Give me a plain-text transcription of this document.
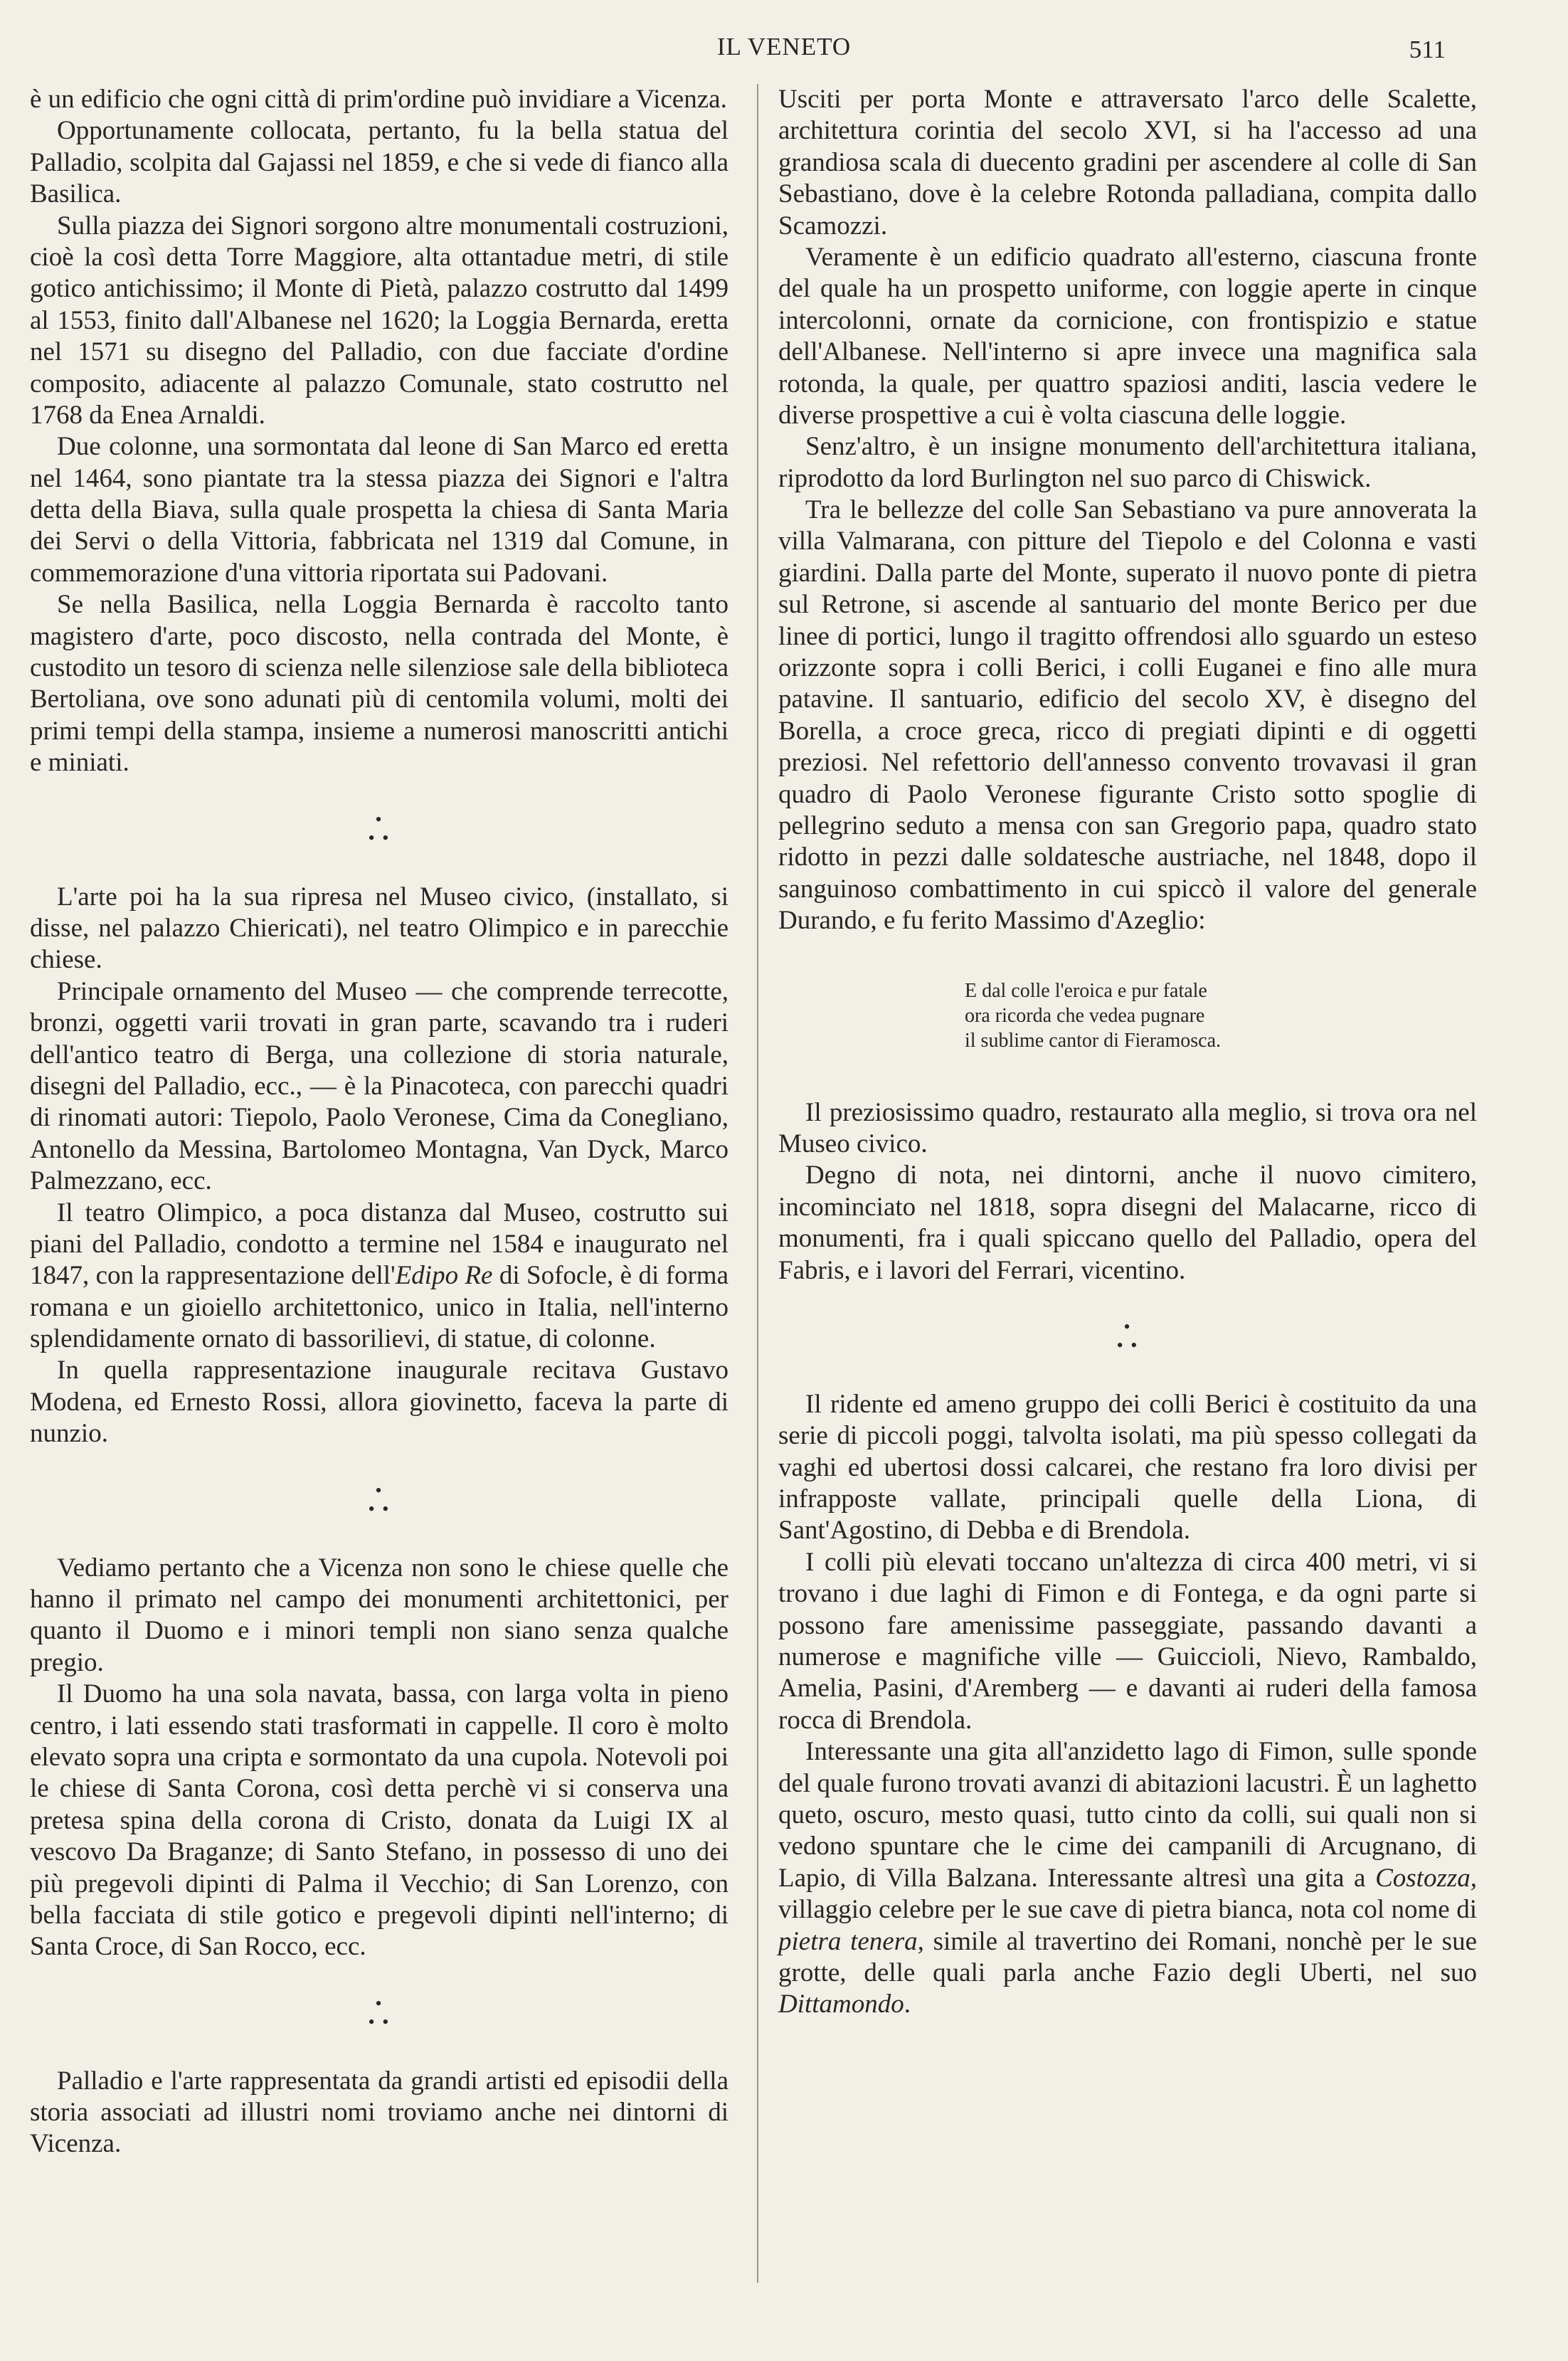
IL VENETO	511

è un edificio che ogni città di prim'ordine può invidiare a Vicenza.

Opportunamente collocata, pertanto, fu la bella statua del Palladio, scolpita dal Gajassi nel 1859, e che si vede di fianco alla Basilica.

Sulla piazza dei Signori sorgono altre monumentali costruzioni, cioè la così detta Torre Maggiore, alta ottantadue metri, di stile gotico antichissimo; il Monte di Pietà, palazzo costrutto dal 1499 al 1553, finito dall'Albanese nel 1620; la Loggia Bernarda, eretta nel 1571 su disegno del Palladio, con due facciate d'ordine composito, adiacente al palazzo Comunale, stato costrutto nel 1768 da Enea Arnaldi.

Due colonne, una sormontata dal leone di San Marco ed eretta nel 1464, sono piantate tra la stessa piazza dei Signori e l'altra detta della Biava, sulla quale prospetta la chiesa di Santa Maria dei Servi o della Vittoria, fabbricata nel 1319 dal Comune, in commemorazione d'una vittoria riportata sui Padovani.

Se nella Basilica, nella Loggia Bernarda è raccolto tanto magistero d'arte, poco discosto, nella contrada del Monte, è custodito un tesoro di scienza nelle silenziose sale della biblioteca Bertoliana, ove sono adunati più di centomila volumi, molti dei primi tempi della stampa, insieme a numerosi manoscritti antichi e miniati.

•
• •

L'arte poi ha la sua ripresa nel Museo civico, (installato, si disse, nel palazzo Chiericati), nel teatro Olimpico e in parecchie chiese.

Principale ornamento del Museo — che comprende terrecotte, bronzi, oggetti varii trovati in gran parte, scavando tra i ruderi dell'antico teatro di Berga, una collezione di storia naturale, disegni del Palladio, ecc., — è la Pinacoteca, con parecchi quadri di rinomati autori: Tiepolo, Paolo Veronese, Cima da Conegliano, Antonello da Messina, Bartolomeo Montagna, Van Dyck, Marco Palmezzano, ecc.

Il teatro Olimpico, a poca distanza dal Museo, costrutto sui piani del Palladio, condotto a termine nel 1584 e inaugurato nel 1847, con la rappresentazione dell'Edipo Re di Sofocle, è di forma romana e un gioiello architettonico, unico in Italia, nell'interno splendidamente ornato di bassorilievi, di statue, di colonne.

In quella rappresentazione inaugurale recitava Gustavo Modena, ed Ernesto Rossi, allora giovinetto, faceva la parte di nunzio.

•
• •

Vediamo pertanto che a Vicenza non sono le chiese quelle che hanno il primato nel campo dei monumenti architettonici, per quanto il Duomo e i minori templi non siano senza qualche pregio.

Il Duomo ha una sola navata, bassa, con larga volta in pieno centro, i lati essendo stati trasformati in cappelle. Il coro è molto elevato sopra una cripta e sormontato da una cupola. Notevoli poi le chiese di Santa Corona, così detta perchè vi si conserva una pretesa spina della corona di Cristo, donata da Luigi IX al vescovo Da Braganze; di Santo Stefano, in possesso di uno dei più pregevoli dipinti di Palma il Vecchio; di San Lorenzo, con bella facciata di stile gotico e pregevoli dipinti nell'interno; di Santa Croce, di San Rocco, ecc.

•
• •

Palladio e l'arte rappresentata da grandi artisti ed episodii della storia associati ad illustri nomi troviamo anche nei dintorni di Vicenza.

Usciti per porta Monte e attraversato l'arco delle Scalette, architettura corintia del secolo XVI, si ha l'accesso ad una grandiosa scala di duecento gradini per ascendere al colle di San Sebastiano, dove è la celebre Rotonda palladiana, compita dallo Scamozzi.

Veramente è un edificio quadrato all'esterno, ciascuna fronte del quale ha un prospetto uniforme, con loggie aperte in cinque intercolonni, ornate da cornicione, con frontispizio e statue dell'Albanese. Nell'interno si apre invece una magnifica sala rotonda, la quale, per quattro spaziosi anditi, lascia vedere le diverse prospettive a cui è volta ciascuna delle loggie.

Senz'altro, è un insigne monumento dell'architettura italiana, riprodotto da lord Burlington nel suo parco di Chiswick.

Tra le bellezze del colle San Sebastiano va pure annoverata la villa Valmarana, con pitture del Tiepolo e del Colonna e vasti giardini. Dalla parte del Monte, superato il nuovo ponte di pietra sul Retrone, si ascende al santuario del monte Berico per due linee di portici, lungo il tragitto offrendosi allo sguardo un esteso orizzonte sopra i colli Berici, i colli Euganei e fino alle mura patavine. Il santuario, edificio del secolo XV, è disegno del Borella, a croce greca, ricco di pregiati dipinti e di oggetti preziosi. Nel refettorio dell'annesso convento trovavasi il gran quadro di Paolo Veronese figurante Cristo sotto spoglie di pellegrino seduto a mensa con san Gregorio papa, quadro stato ridotto in pezzi dalle soldatesche austriache, nel 1848, dopo il sanguinoso combattimento in cui spiccò il valore del generale Durando, e fu ferito Massimo d'Azeglio:

E dal colle l'eroica e pur fatale
ora ricorda che vedea pugnare
il sublime cantor di Fieramosca.

Il preziosissimo quadro, restaurato alla meglio, si trova ora nel Museo civico.

Degno di nota, nei dintorni, anche il nuovo cimitero, incominciato nel 1818, sopra disegni del Malacarne, ricco di monumenti, fra i quali spiccano quello del Palladio, opera del Fabris, e i lavori del Ferrari, vicentino.

•
• •

Il ridente ed ameno gruppo dei colli Berici è costituito da una serie di piccoli poggi, talvolta isolati, ma più spesso collegati da vaghi ed ubertosi dossi calcarei, che restano fra loro divisi per infrapposte vallate, principali quelle della Liona, di Sant'Agostino, di Debba e di Brendola.

I colli più elevati toccano un'altezza di circa 400 metri, vi si trovano i due laghi di Fimon e di Fontega, e da ogni parte si possono fare amenissime passeggiate, passando davanti a numerose e magnifiche ville — Guiccioli, Nievo, Rambaldo, Amelia, Pasini, d'Aremberg — e davanti ai ruderi della famosa rocca di Brendola.

Interessante una gita all'anzidetto lago di Fimon, sulle sponde del quale furono trovati avanzi di abitazioni lacustri. È un laghetto queto, oscuro, mesto quasi, tutto cinto da colli, sui quali non si vedono spuntare che le cime dei campanili di Arcugnano, di Lapio, di Villa Balzana. Interessante altresì una gita a Costozza, villaggio celebre per le sue cave di pietra bianca, nota col nome di pietra tenera, simile al travertino dei Romani, nonchè per le sue grotte, delle quali parla anche Fazio degli Uberti, nel suo Dittamondo.
